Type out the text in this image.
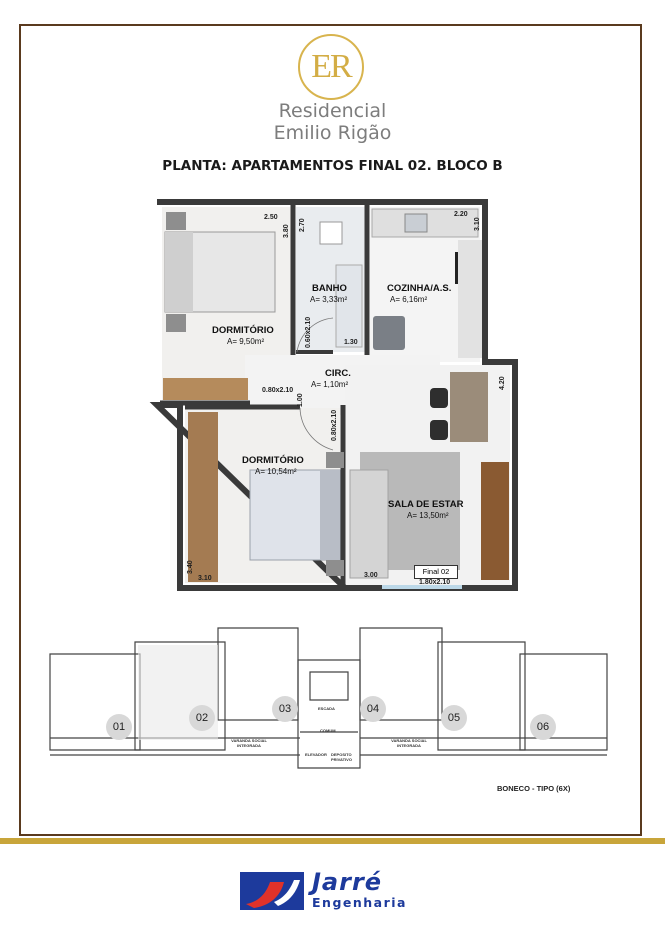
ER
Residencial
Emilio Rigão
PLANTA: APARTAMENTOS FINAL 02. BLOCO B
DORMITÓRIO
A= 9,50m²
BANHO
A= 3,33m²
COZINHA/A.S.
A= 6,16m²
CIRC.
A= 1,10m²
DORMITÓRIO
A= 10,54m²
SALA DE ESTAR
A= 13,50m²
2.50
3.80 2.70
2.20
3.10
1.30
0.60x2.10
0.80x2.10
1.00
0.80x2.10
4.20
3.40
3.10	3.00
1.80x2.10
Final 02
01
02
03	04
05
06
ESCADA
COMUM
ELEVADOR DEPOSITO PRIVATIVO
VARANDA SOCIAL INTEGRADA
VARANDA SOCIAL INTEGRADA
BONECO - TIPO (6X)
Jarré
Engenharia
